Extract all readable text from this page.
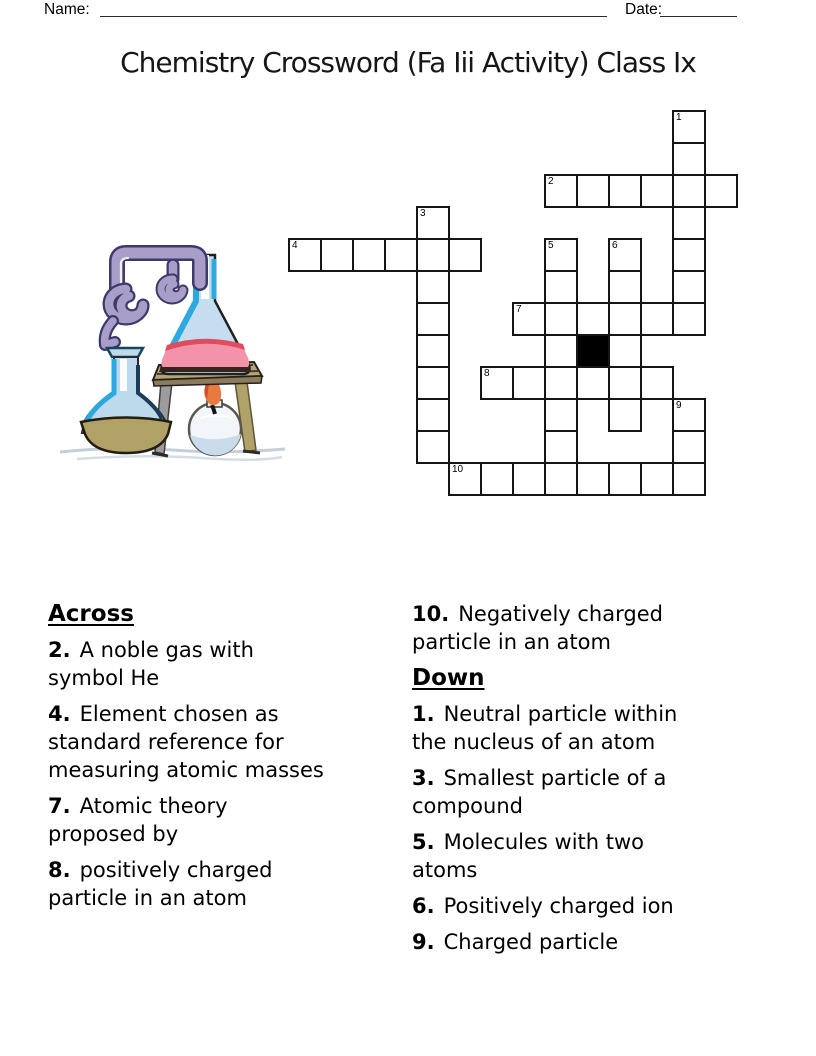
Name:	Date:
Chemistry Crossword (Fa Iii Activity) Class Ix
1
2
3
4	5	6
7
8
9
10
Across
2. A noble gas with
symbol He
4. Element chosen as
standard reference for
measuring atomic masses
7. Atomic theory
proposed by
8. positively charged
particle in an atom
10. Negatively charged
particle in an atom
Down
1. Neutral particle within
the nucleus of an atom
3. Smallest particle of a
compound
5. Molecules with two
atoms
6. Positively charged ion
9. Charged particle
